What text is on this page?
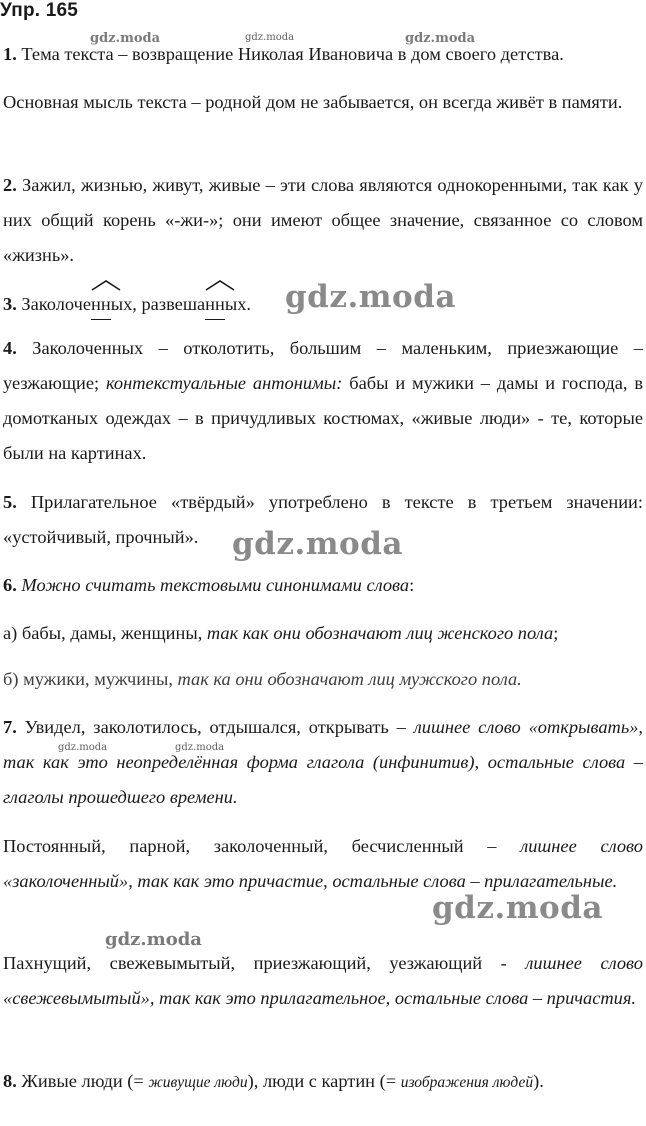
Упр. 165

1. Тема текста – возвращение Николая Ивановича в дом своего детства.

Основная мысль текста – родной дом не забывается, он всегда живёт в памяти.

2. Зажил, жизнью, живут, живые – эти слова являются однокоренными, так как у них общий корень «-жи-»; они имеют общее значение, связанное со словом «жизнь».

3. Заколоче
нн
ых, развеша
нн
ых.

4. Заколоченных – отколотить, большим – маленьким, приезжающие – уезжающие; контекстуальные антонимы: бабы и мужики – дамы и господа, в домотканых одеждах – в причудливых костюмах, «живые люди» - те, которые были на картинах.

5. Прилагательное «твёрдый» употреблено в тексте в третьем значении: «устойчивый, прочный».

6. Можно считать текстовыми синонимами слова:

а) бабы, дамы, женщины, так как они обозначают лиц женского пола;

б) мужики, мужчины, так ка они обозначают лиц мужского пола.

7. Увидел, заколотилось, отдышался, открывать – лишнее слово «открывать», так как это неопределённая форма глагола (инфинитив), остальные слова – глаголы прошедшего времени.

Постоянный, парной, заколоченный, бесчисленный – лишнее слово «заколоченный», так как это причастие, остальные слова – прилагательные.

Пахнущий, свежевымытый, приезжающий, уезжающий - лишнее слово «свежевымытый», так как это прилагательное, остальные слова – причастия.

8. Живые люди (= живущие люди), люди с картин (= изображения людей).

gdz.moda	gdz.moda	gdz.moda
gdz.moda
gdz.moda
gdz.moda	gdz.moda
gdz.moda
gdz.moda
